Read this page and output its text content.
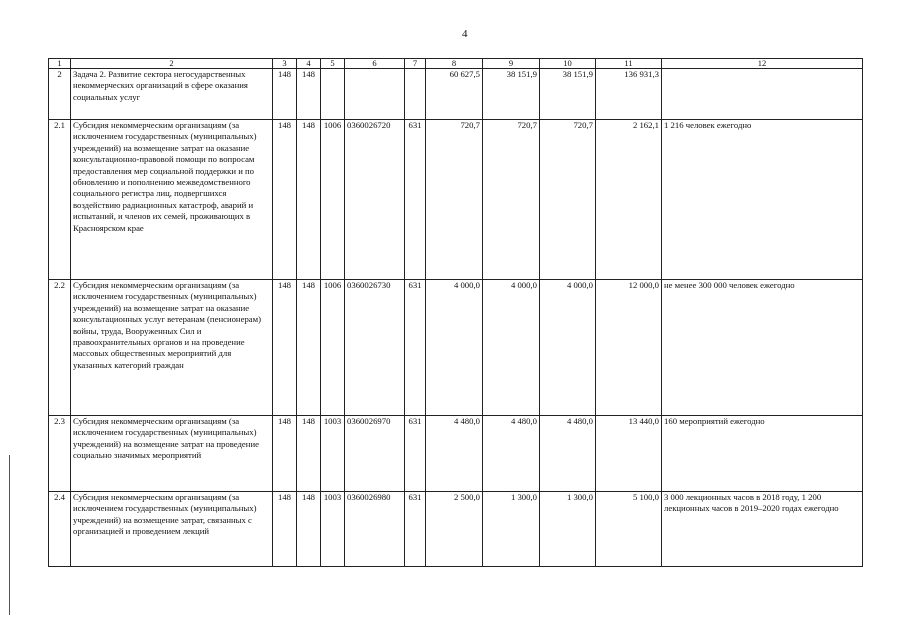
4
1	2	3	4	5	6	7	8	9	10	11	12
2	Задача 2. Развитие сектора негосударственных некоммерческих организаций в сфере оказания социальных услуг	148	148				60 627,5	38 151,9	38 151,9	136 931,3	
2.1	Субсидия некоммерческим организациям (за исключением государственных (муниципальных) учреждений) на возмещение затрат на оказание консультационно-правовой помощи по вопросам предоставления мер социальной поддержки и по обновлению и пополнению межведомственного социального регистра лиц, подвергшихся воздействию радиационных катастроф, аварий и испытаний, и членов их семей, проживающих в Красноярском крае	148	148	1006	0360026720	631	720,7	720,7	720,7	2 162,1	1 216 человек ежегодно
2.2	Субсидия некоммерческим организациям (за исключением государственных (муниципальных) учреждений) на возмещение затрат на оказание консультационных услуг ветеранам (пенсионерам) войны, труда, Вооруженных Сил и правоохранительных органов и на проведение массовых общественных мероприятий для указанных категорий граждан	148	148	1006	0360026730	631	4 000,0	4 000,0	4 000,0	12 000,0	не менее 300 000 человек ежегодно
2.3	Субсидия некоммерческим организациям (за исключением государственных (муниципальных) учреждений) на возмещение затрат на проведение социально значимых мероприятий	148	148	1003	0360026970	631	4 480,0	4 480,0	4 480,0	13 440,0	160 мероприятий ежегодно
2.4	Субсидия некоммерческим организациям (за исключением государственных (муниципальных) учреждений) на возмещение затрат, связанных с организацией и проведением лекций	148	148	1003	0360026980	631	2 500,0	1 300,0	1 300,0	5 100,0	3 000 лекционных часов в 2018 году, 1 200 лекционных часов в 2019–2020 годах ежегодно
